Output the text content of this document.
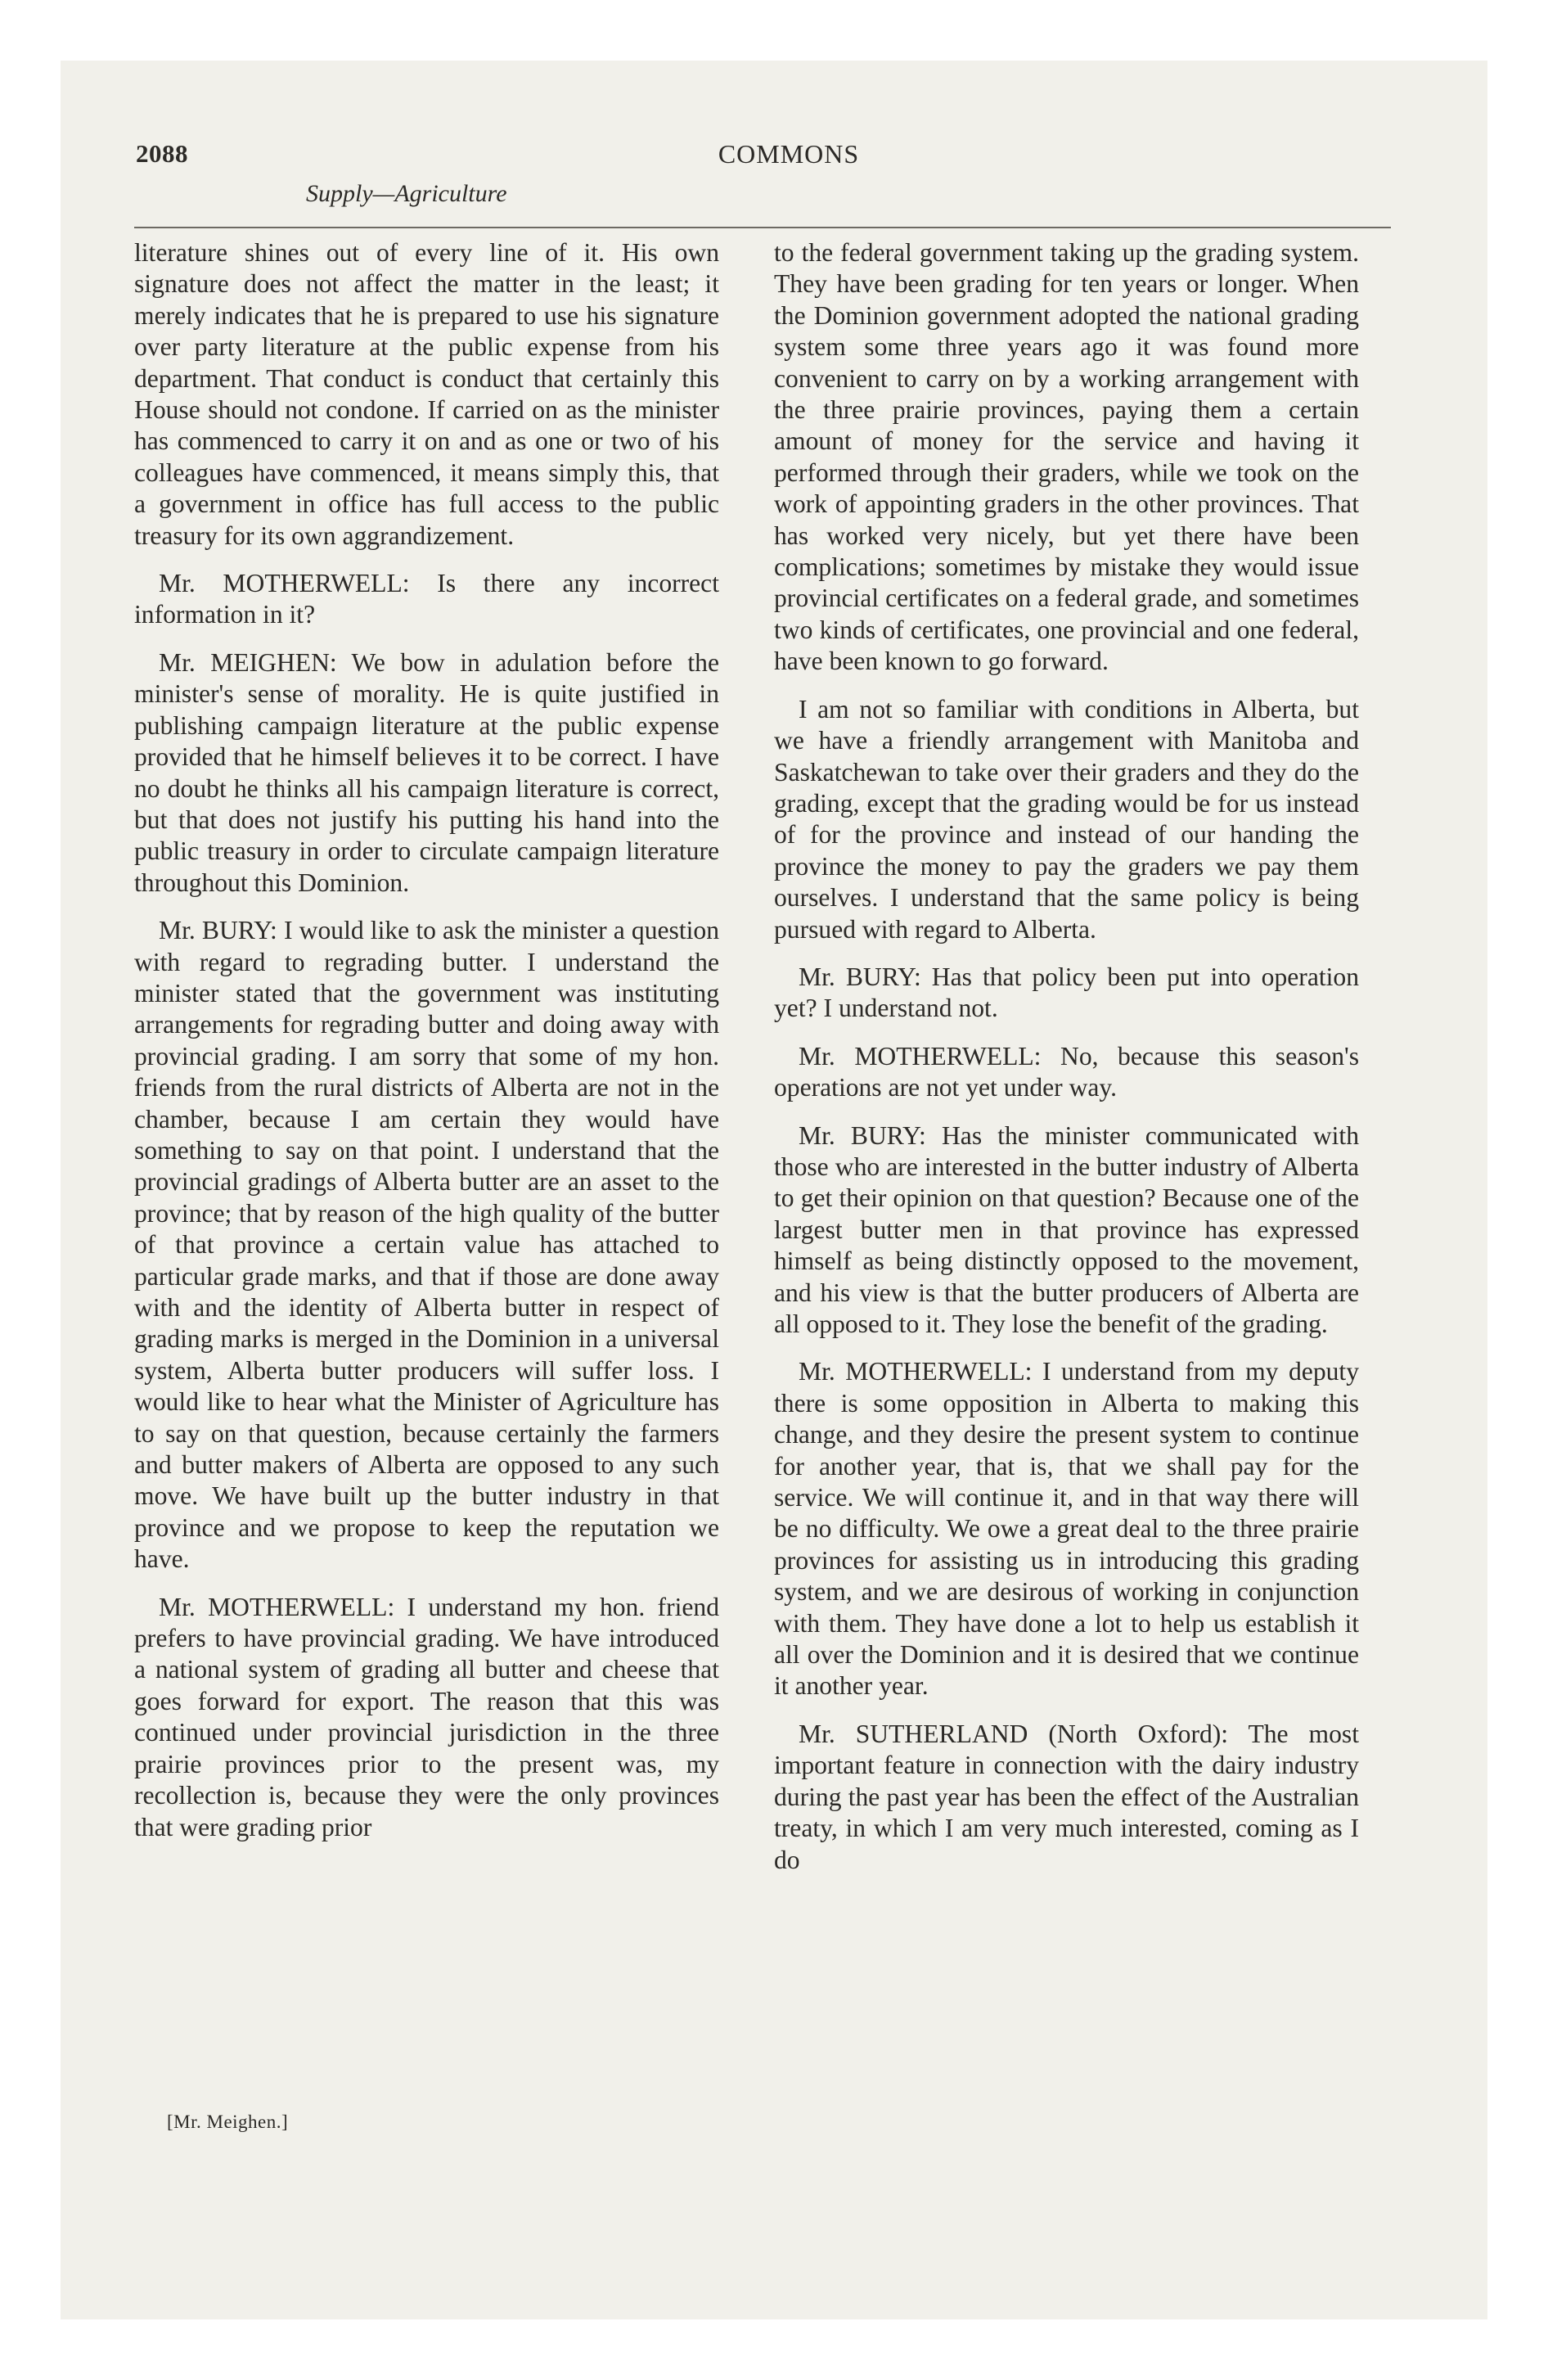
2088	COMMONS
Supply—Agriculture

literature shines out of every line of it. His own signature does not affect the matter in the least; it merely indicates that he is prepared to use his signature over party literature at the public expense from his department. That conduct is conduct that certainly this House should not condone. If carried on as the minister has commenced to carry it on and as one or two of his colleagues have commenced, it means simply this, that a government in office has full access to the public treasury for its own aggrandizement.

Mr. MOTHERWELL: Is there any incorrect information in it?

Mr. MEIGHEN: We bow in adulation before the minister's sense of morality. He is quite justified in publishing campaign literature at the public expense provided that he himself believes it to be correct. I have no doubt he thinks all his campaign literature is correct, but that does not justify his putting his hand into the public treasury in order to circulate campaign literature throughout this Dominion.

Mr. BURY: I would like to ask the minister a question with regard to regrading butter. I understand the minister stated that the government was instituting arrangements for regrading butter and doing away with provincial grading. I am sorry that some of my hon. friends from the rural districts of Alberta are not in the chamber, because I am certain they would have something to say on that point. I understand that the provincial gradings of Alberta butter are an asset to the province; that by reason of the high quality of the butter of that province a certain value has attached to particular grade marks, and that if those are done away with and the identity of Alberta butter in respect of grading marks is merged in the Dominion in a universal system, Alberta butter producers will suffer loss. I would like to hear what the Minister of Agriculture has to say on that question, because certainly the farmers and butter makers of Alberta are opposed to any such move. We have built up the butter industry in that province and we propose to keep the reputation we have.

Mr. MOTHERWELL: I understand my hon. friend prefers to have provincial grading. We have introduced a national system of grading all butter and cheese that goes forward for export. The reason that this was continued under provincial jurisdiction in the three prairie provinces prior to the present was, my recollection is, because they were the only provinces that were grading prior

to the federal government taking up the grading system. They have been grading for ten years or longer. When the Dominion government adopted the national grading system some three years ago it was found more convenient to carry on by a working arrangement with the three prairie provinces, paying them a certain amount of money for the service and having it performed through their graders, while we took on the work of appointing graders in the other provinces. That has worked very nicely, but yet there have been complications; sometimes by mistake they would issue provincial certificates on a federal grade, and sometimes two kinds of certificates, one provincial and one federal, have been known to go forward.

I am not so familiar with conditions in Alberta, but we have a friendly arrangement with Manitoba and Saskatchewan to take over their graders and they do the grading, except that the grading would be for us instead of for the province and instead of our handing the province the money to pay the graders we pay them ourselves. I understand that the same policy is being pursued with regard to Alberta.

Mr. BURY: Has that policy been put into operation yet? I understand not.

Mr. MOTHERWELL: No, because this season's operations are not yet under way.

Mr. BURY: Has the minister communicated with those who are interested in the butter industry of Alberta to get their opinion on that question? Because one of the largest butter men in that province has expressed himself as being distinctly opposed to the movement, and his view is that the butter producers of Alberta are all opposed to it. They lose the benefit of the grading.

Mr. MOTHERWELL: I understand from my deputy there is some opposition in Alberta to making this change, and they desire the present system to continue for another year, that is, that we shall pay for the service. We will continue it, and in that way there will be no difficulty. We owe a great deal to the three prairie provinces for assisting us in introducing this grading system, and we are desirous of working in conjunction with them. They have done a lot to help us establish it all over the Dominion and it is desired that we continue it another year.

Mr. SUTHERLAND (North Oxford): The most important feature in connection with the dairy industry during the past year has been the effect of the Australian treaty, in which I am very much interested, coming as I do

[Mr. Meighen.]
